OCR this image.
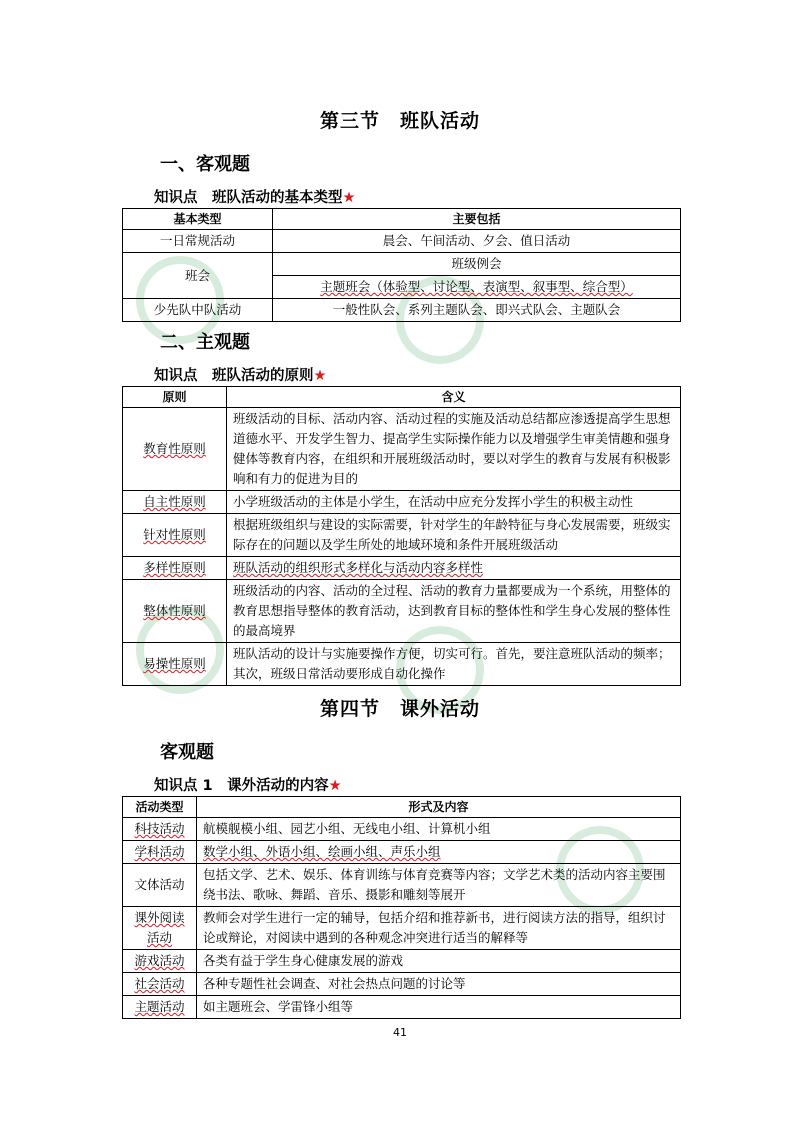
第三节　班队活动
一、客观题
知识点　班队活动的基本类型★
基本类型	主要包括
一日常规活动	晨会、午间活动、夕会、值日活动
班会	班级例会
	主题班会（体验型、讨论型、表演型、叙事型、综合型）
少先队中队活动	一般性队会、系列主题队会、即兴式队会、主题队会
二、主观题
知识点　班队活动的原则★
原则	含义
教育性原则	班级活动的目标、活动内容、活动过程的实施及活动总结都应渗透提高学生思想道德水平、开发学生智力、提高学生实际操作能力以及增强学生审美情趣和强身健体等教育内容，在组织和开展班级活动时，要以对学生的教育与发展有积极影响和有力的促进为目的
自主性原则	小学班级活动的主体是小学生，在活动中应充分发挥小学生的积极主动性
针对性原则	根据班级组织与建设的实际需要，针对学生的年龄特征与身心发展需要，班级实际存在的问题以及学生所处的地域环境和条件开展班级活动
多样性原则	班队活动的组织形式多样化与活动内容多样性
整体性原则	班级活动的内容、活动的全过程、活动的教育力量都要成为一个系统，用整体的教育思想指导整体的教育活动，达到教育目标的整体性和学生身心发展的整体性的最高境界
易操性原则	班队活动的设计与实施要操作方便，切实可行。首先，要注意班队活动的频率；其次，班级日常活动要形成自动化操作
第四节　课外活动
客观题
知识点 1　课外活动的内容★
活动类型	形式及内容
科技活动	航模舰模小组、园艺小组、无线电小组、计算机小组
学科活动	数学小组、外语小组、绘画小组、声乐小组
文体活动	包括文学、艺术、娱乐、体育训练与体育竞赛等内容；文学艺术类的活动内容主要围绕书法、歌咏、舞蹈、音乐、摄影和雕刻等展开
课外阅读活动	教师会对学生进行一定的辅导，包括介绍和推荐新书，进行阅读方法的指导，组织讨论或辩论，对阅读中遇到的各种观念冲突进行适当的解释等
游戏活动	各类有益于学生身心健康发展的游戏
社会活动	各种专题性社会调查、对社会热点问题的讨论等
主题活动	如主题班会、学雷锋小组等
41
